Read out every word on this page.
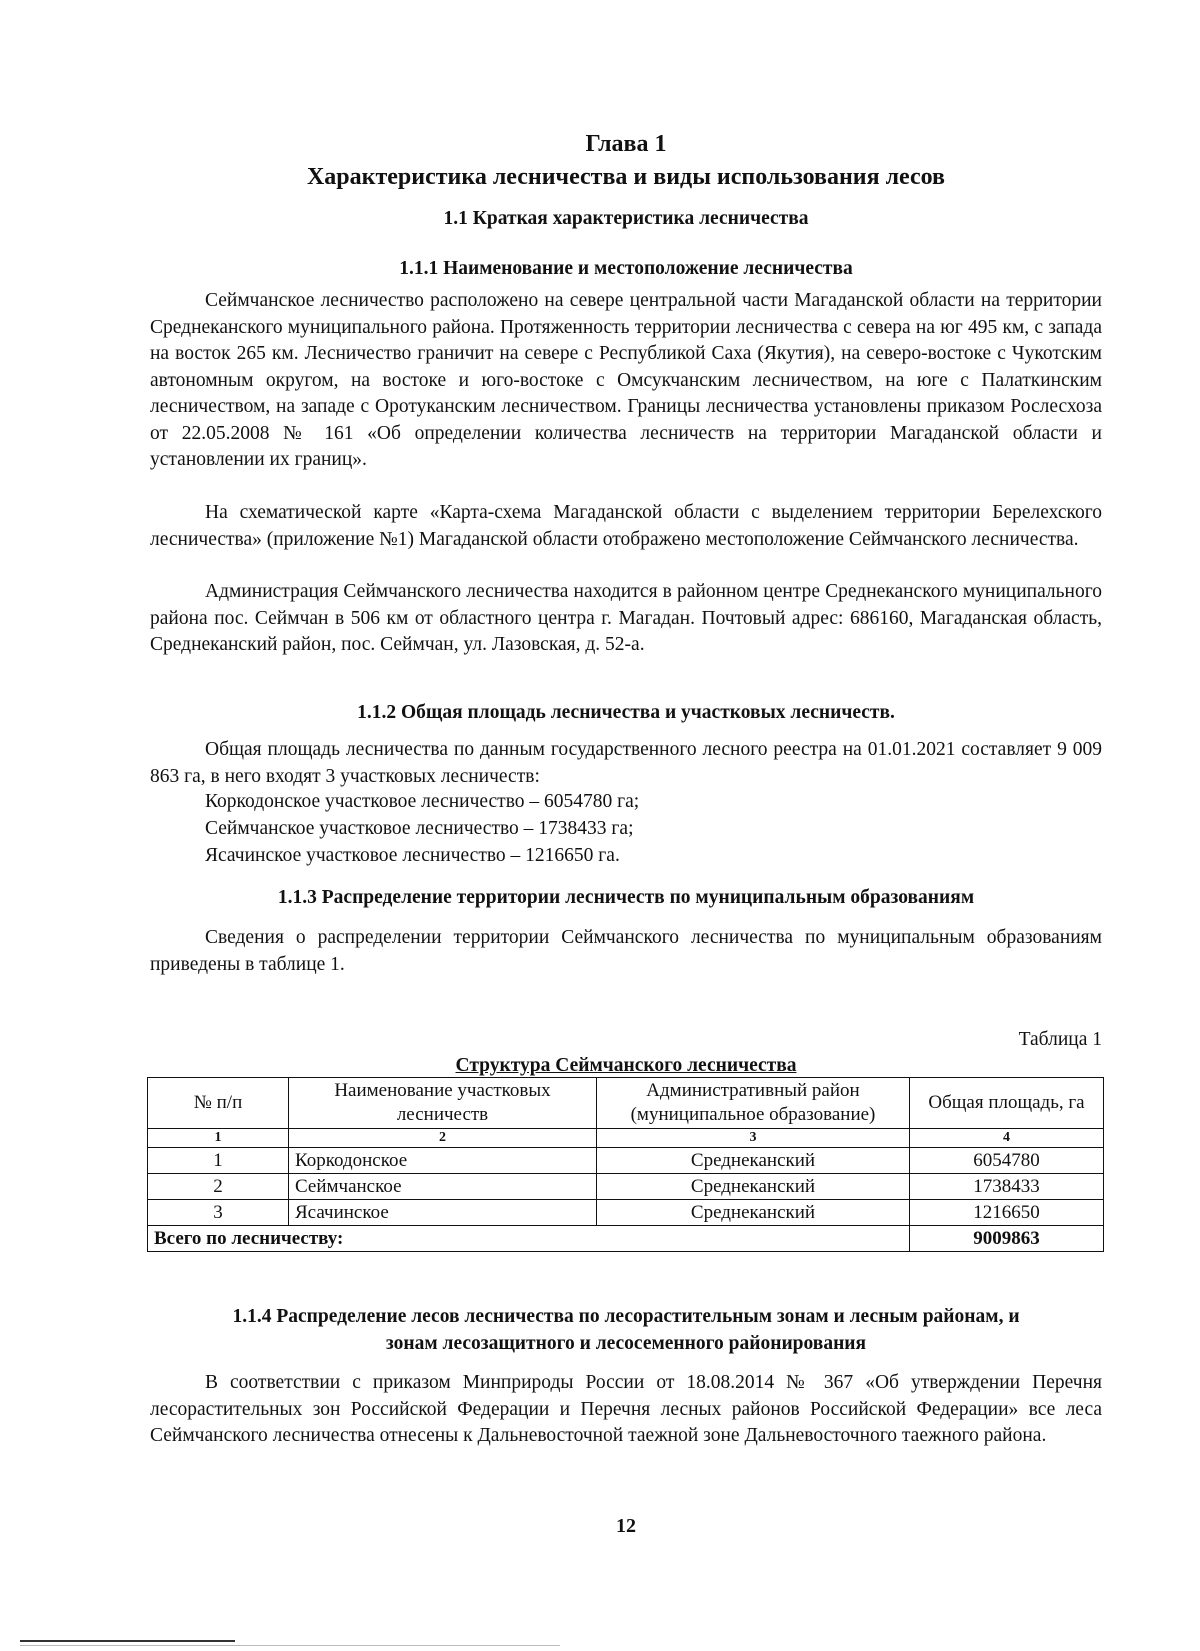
Глава 1
Характеристика лесничества и виды использования лесов
1.1 Краткая характеристика лесничества
1.1.1 Наименование и местоположение лесничества

Сеймчанское лесничество расположено на севере центральной части Магаданской области на территории Среднеканского муниципального района. Протяженность территории лесничества с севера на юг 495 км, с запада на восток 265 км. Лесничество граничит на севере с Республикой Саха (Якутия), на северо-востоке с Чукотским автономным округом, на востоке и юго-востоке с Омсукчанским лесничеством, на юге с Палаткинским лесничеством, на западе с Оротуканским лесничеством. Границы лесничества установлены приказом Рослесхоза от 22.05.2008 № 161 «Об определении количества лесничеств на территории Магаданской области и установлении их границ».

На схематической карте «Карта-схема Магаданской области с выделением территории Берелехского лесничества» (приложение №1) Магаданской области отображено местоположение Сеймчанского лесничества.

Администрация Сеймчанского лесничества находится в районном центре Среднеканского муниципального района пос. Сеймчан в 506 км от областного центра г. Магадан. Почтовый адрес: 686160, Магаданская область, Среднеканский район, пос. Сеймчан, ул. Лазовская, д. 52-а.

1.1.2 Общая площадь лесничества и участковых лесничеств.

Общая площадь лесничества по данным государственного лесного реестра на 01.01.2021 составляет 9 009 863 га, в него входят 3 участковых лесничеств:

Коркодонское участковое лесничество – 6054780 га;
Сеймчанское участковое лесничество – 1738433 га;
Ясачинское участковое лесничество – 1216650 га.
1.1.3 Распределение территории лесничеств по муниципальным образованиям

Сведения о распределении территории Сеймчанского лесничества по муниципальным образованиям приведены в таблице 1.

Таблица 1
Структура Сеймчанского лесничества
№ п/п	Наименование участковых лесничеств	Административный район (муниципальное образование)	Общая площадь, га
1	2	3	4
1	Коркодонское	Среднеканский	6054780
2	Сеймчанское	Среднеканский	1738433
3	Ясачинское	Среднеканский	1216650
Всего по лесничеству:			9009863
1.1.4 Распределение лесов лесничества по лесорастительным зонам и лесным районам, и
зонам лесозащитного и лесосеменного районирования

В соответствии с приказом Минприроды России от 18.08.2014 № 367 «Об утверждении Перечня лесорастительных зон Российской Федерации и Перечня лесных районов Российской Федерации» все леса Сеймчанского лесничества отнесены к Дальневосточной таежной зоне Дальневосточного таежного района.

12
